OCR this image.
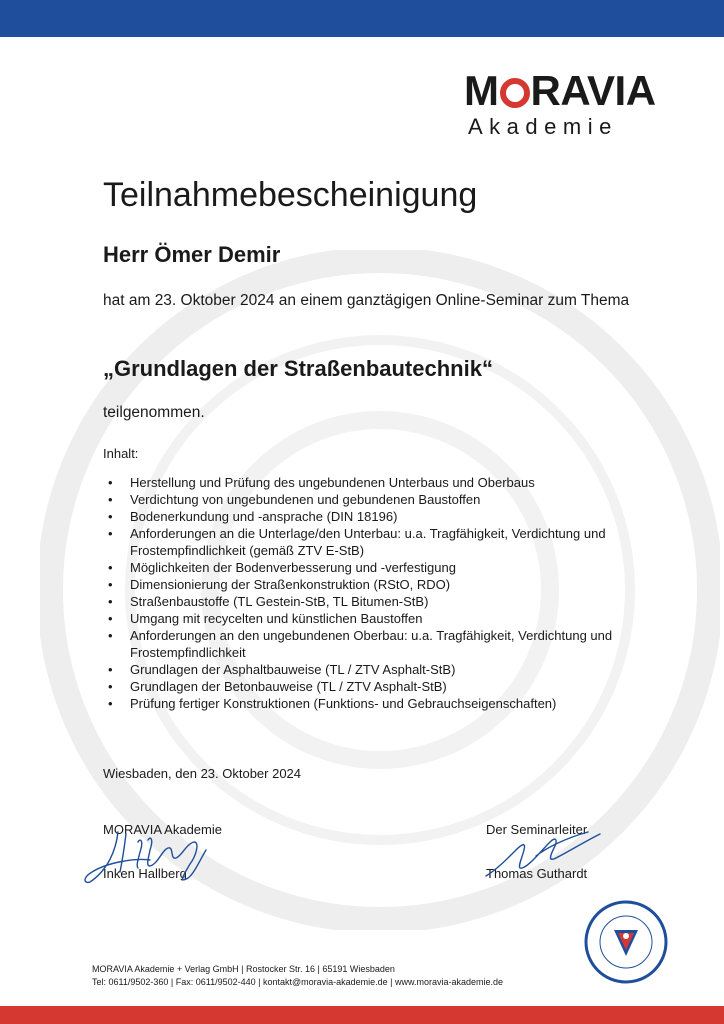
M RAVIA
Akademie
Teilnahmebescheinigung
Herr Ömer Demir
hat am 23. Oktober 2024 an einem ganztägigen Online-Seminar zum Thema
„Grundlagen der Straßenbautechnik“
teilgenommen.
Inhalt:
• Herstellung und Prüfung des ungebundenen Unterbaus und Oberbaus
• Verdichtung von ungebundenen und gebundenen Baustoffen
• Bodenerkundung und -ansprache (DIN 18196)
• Anforderungen an die Unterlage/den Unterbau: u.a. Tragfähigkeit, Verdichtung und Frostempfindlichkeit (gemäß ZTV E-StB)
• Möglichkeiten der Bodenverbesserung und -verfestigung
• Dimensionierung der Straßenkonstruktion (RStO, RDO)
• Straßenbaustoffe (TL Gestein-StB, TL Bitumen-StB)
• Umgang mit recycelten und künstlichen Baustoffen
• Anforderungen an den ungebundenen Oberbau: u.a. Tragfähigkeit, Verdichtung und Frostempfindlichkeit
• Grundlagen der Asphaltbauweise (TL / ZTV Asphalt-StB)
• Grundlagen der Betonbauweise (TL / ZTV Asphalt-StB)
• Prüfung fertiger Konstruktionen (Funktions- und Gebrauchseigenschaften)
Wiesbaden, den 23. Oktober 2024
MORAVIA Akademie
Inken Hallberg
Der Seminarleiter
Thomas Guthardt
MORAVIA Akademie + Verlag GmbH | Rostocker Str. 16 | 65191 Wiesbaden
Tel: 0611/9502-360 | Fax: 0611/9502-440 | kontakt@moravia-akademie.de | www.moravia-akademie.de
